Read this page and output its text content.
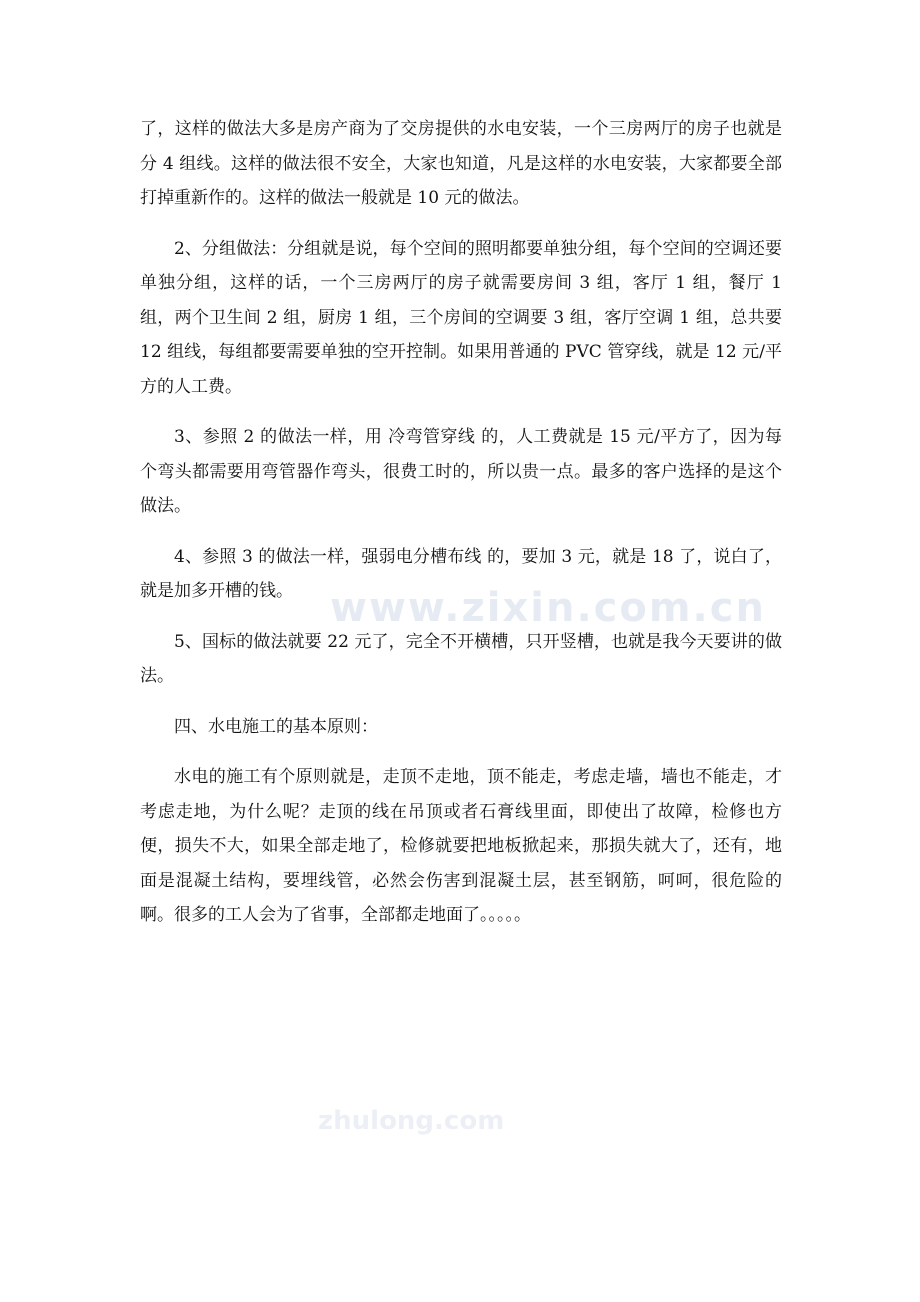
www.zixin.com.cn
zhulong.com

了，这样的做法大多是房产商为了交房提供的水电安装，一个三房两厅的房子也就是分 4 组线。这样的做法很不安全，大家也知道，凡是这样的水电安装，大家都要全部打掉重新作的。这样的做法一般就是 10 元的做法。

2、分组做法：分组就是说，每个空间的照明都要单独分组，每个空间的空调还要单独分组，这样的话，一个三房两厅的房子就需要房间 3 组，客厅 1 组，餐厅 1 组，两个卫生间 2 组，厨房 1 组，三个房间的空调要 3 组，客厅空调 1 组，总共要 12 组线，每组都要需要单独的空开控制。如果用普通的 PVC 管穿线，就是 12 元/平方的人工费。

3、参照 2 的做法一样，用 冷弯管穿线 的，人工费就是 15 元/平方了，因为每个弯头都需要用弯管器作弯头，很费工时的，所以贵一点。最多的客户选择的是这个做法。

4、参照 3 的做法一样，强弱电分槽布线 的，要加 3 元，就是 18 了，说白了，就是加多开槽的钱。

5、国标的做法就要 22 元了，完全不开横槽，只开竖槽，也就是我今天要讲的做法。

四、水电施工的基本原则：

水电的施工有个原则就是，走顶不走地，顶不能走，考虑走墙，墙也不能走，才考虑走地，为什么呢？走顶的线在吊顶或者石膏线里面，即使出了故障，检修也方便，损失不大，如果全部走地了，检修就要把地板掀起来，那损失就大了，还有，地面是混凝土结构，要埋线管，必然会伤害到混凝土层，甚至钢筋，呵呵，很危险的啊。很多的工人会为了省事，全部都走地面了。。。。。
